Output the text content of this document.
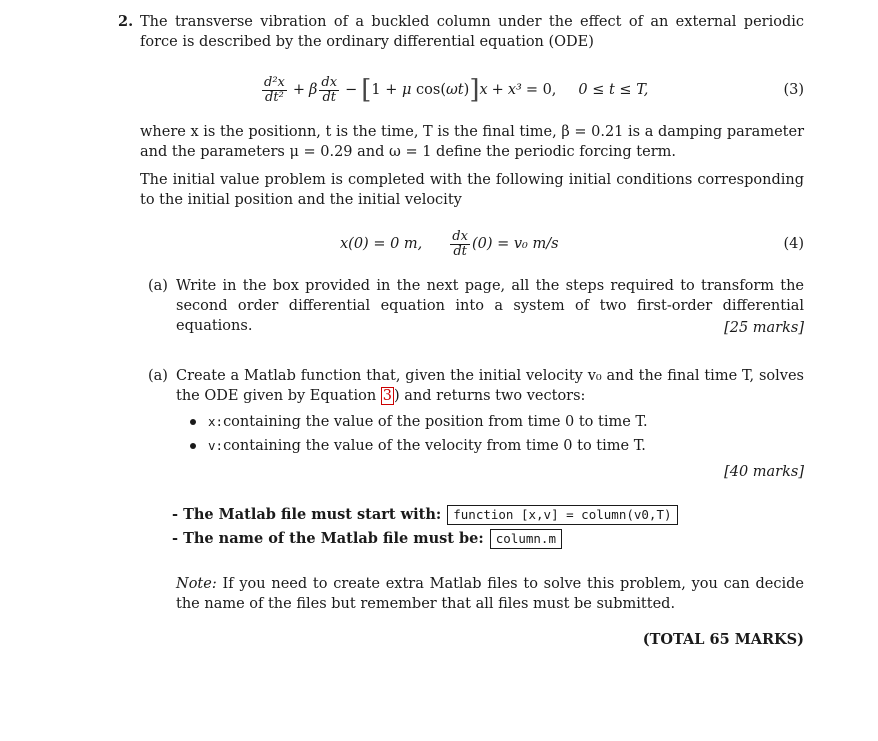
2. The transverse vibration of a buckled column under the effect of an external periodic force is described by the ordinary differential equation (ODE)
$\frac{\text{d²x}}{\text{dt²}} + \beta \frac{dx}{dt}$ − [ 1 + μ cos( ωt ) ] x + x³ = 0, 0 ≤ t ≤ T,	(3)
where x is the positionn, t is the time, T is the final time, β = 0.21 is a damping parameter and the parameters μ = 0.29 and ω = 1 define the periodic forcing term.
The initial value problem is completed with the following initial conditions corresponding to the initial position and the initial velocity
x(0) = 0 m, $\frac{dx}{dt} (0) = v_0$ m/s	(4)
(a) Write in the box provided in the next page, all the steps required to transform the second order differential equation into a system of two first-order differential equations.	[25 marks]
(a) Create a Matlab function that, given the initial velocity v₀ and the final time T, solves the ODE given by Equation 3 ) and returns two vectors:
x: containing the value of the position from time 0 to time T.
v: containing the value of the velocity from time 0 to time T.
[40 marks]
- The Matlab file must start with: function [x,v] = column(v0,T)
- The name of the Matlab file must be: column.m
Note: If you need to create extra Matlab files to solve this problem, you can decide the name of the files but remember that all files must be submitted.
(TOTAL 65 MARKS)
